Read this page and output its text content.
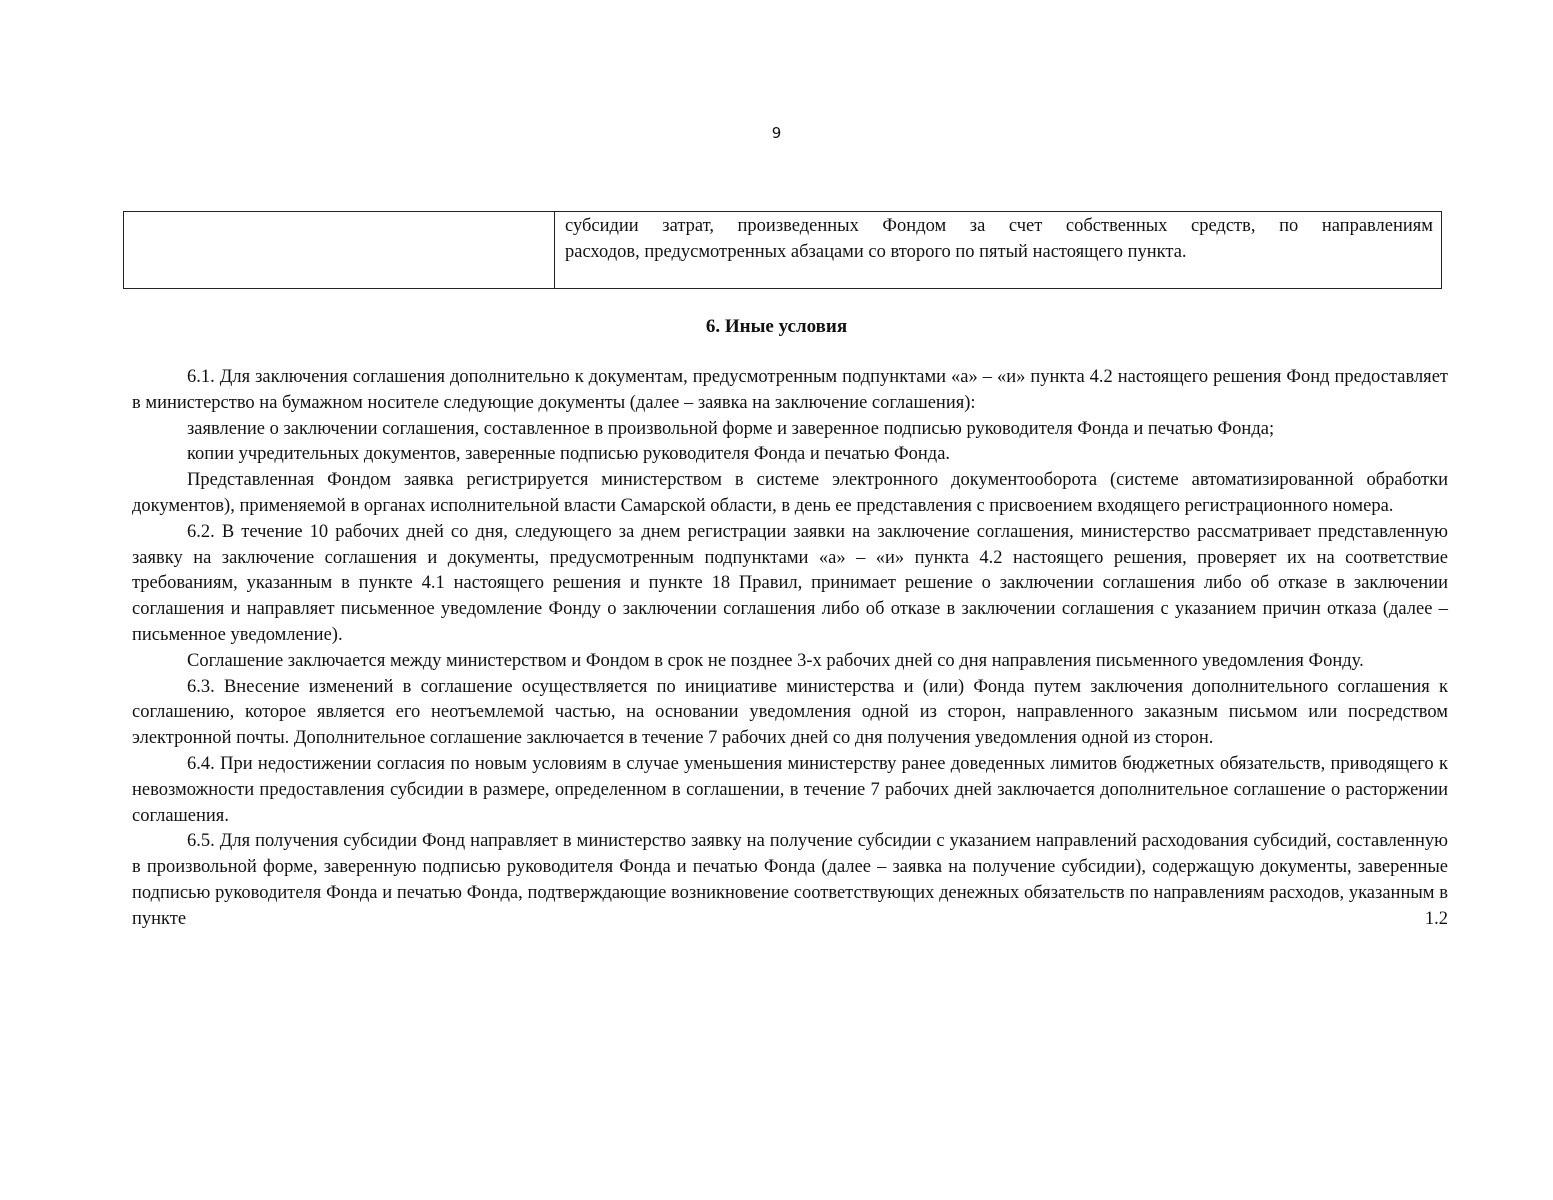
9

субсидии затрат, произведенных Фондом за счет собственных средств, по направлениям

расходов, предусмотренных абзацами со второго по пятый настоящего пункта.

6. Иные условия

6.1. Для заключения соглашения дополнительно к документам, предусмотренным подпунктами «а» – «и» пункта 4.2 настоящего решения Фонд предоставляет в министерство на бумажном носителе следующие документы (далее – заявка на заключение соглашения):

заявление о заключении соглашения, составленное в произвольной форме и заверенное подписью руководителя Фонда и печатью Фонда;

копии учредительных документов, заверенные подписью руководителя Фонда и печатью Фонда.

Представленная Фондом заявка регистрируется министерством в системе электронного документооборота (системе автоматизированной обработки документов), применяемой в органах исполнительной власти Самарской области, в день ее представления с присвоением входящего регистрационного номера.

6.2. В течение 10 рабочих дней со дня, следующего за днем регистрации заявки на заключение соглашения, министерство рассматривает представленную заявку на заключение соглашения и документы, предусмотренным подпунктами «а» – «и» пункта 4.2 настоящего решения, проверяет их на соответствие требованиям, указанным в пункте 4.1 настоящего решения и пункте 18 Правил, принимает решение о заключении соглашения либо об отказе в заключении соглашения и направляет письменное уведомление Фонду о заключении соглашения либо об отказе в заключении соглашения с указанием причин отказа (далее – письменное уведомление).

Соглашение заключается между министерством и Фондом в срок не позднее 3-х рабочих дней со дня направления письменного уведомления Фонду.

6.3. Внесение изменений в соглашение осуществляется по инициативе министерства и (или) Фонда путем заключения дополнительного соглашения к соглашению, которое является его неотъемлемой частью, на основании уведомления одной из сторон, направленного заказным письмом или посредством электронной почты. Дополнительное соглашение заключается в течение 7 рабочих дней со дня получения уведомления одной из сторон.

6.4. При недостижении согласия по новым условиям в случае уменьшения министерству ранее доведенных лимитов бюджетных обязательств, приводящего к невозможности предоставления субсидии в размере, определенном в соглашении, в течение 7 рабочих дней заключается дополнительное соглашение о расторжении соглашения.

6.5. Для получения субсидии Фонд направляет в министерство заявку на получение субсидии с указанием направлений расходования субсидий, составленную в произвольной форме, заверенную подписью руководителя Фонда и печатью Фонда (далее – заявка на получение субсидии), содержащую документы, заверенные подписью руководителя Фонда и печатью Фонда, подтверждающие возникновение соответствующих денежных обязательств по направлениям расходов, указанным в пункте 1.2
